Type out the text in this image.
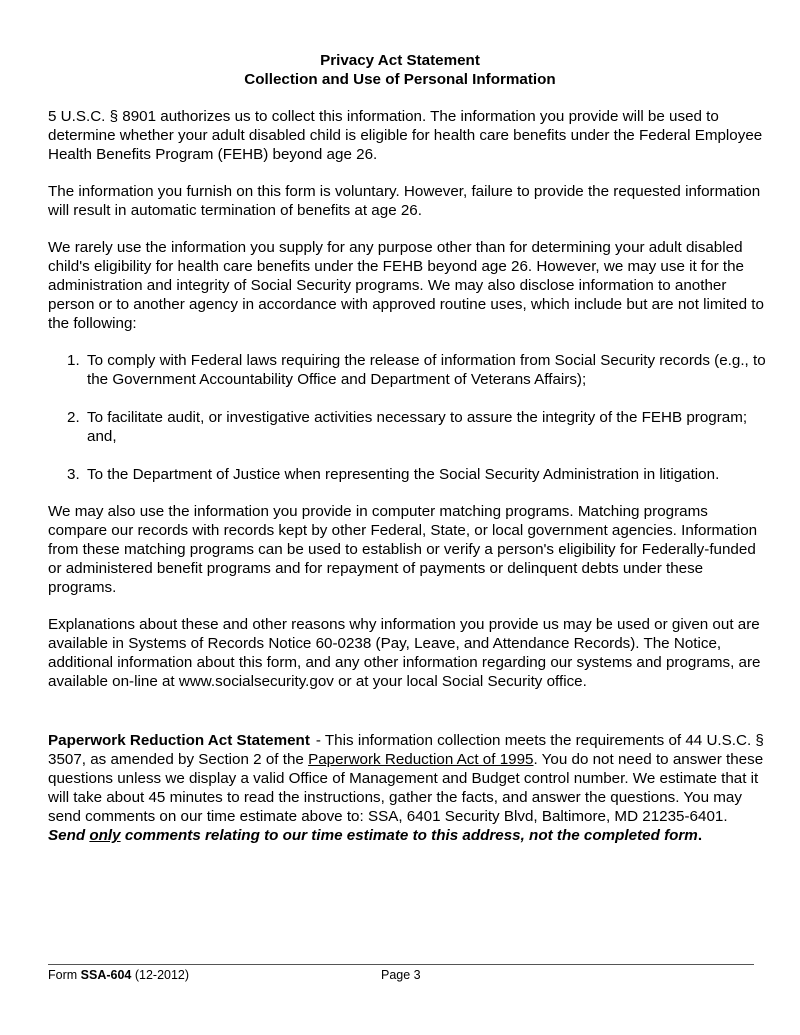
Privacy Act Statement
Collection and Use of Personal Information
5 U.S.C. § 8901 authorizes us to collect this information. The information you provide will be used to determine whether your adult disabled child is eligible for health care benefits under the Federal Employee Health Benefits Program (FEHB) beyond age 26.
The information you furnish on this form is voluntary. However, failure to provide the requested information will result in automatic termination of benefits at age 26.
We rarely use the information you supply for any purpose other than for determining your adult disabled child's eligibility for health care benefits under the FEHB beyond age 26. However, we may use it for the administration and integrity of Social Security programs. We may also disclose information to another person or to another agency in accordance with approved routine uses, which include but are not limited to the following:
1. To comply with Federal laws requiring the release of information from Social Security records (e.g., to the Government Accountability Office and Department of Veterans Affairs);
2. To facilitate audit, or investigative activities necessary to assure the integrity of the FEHB program; and,
3. To the Department of Justice when representing the Social Security Administration in litigation.
We may also use the information you provide in computer matching programs. Matching programs compare our records with records kept by other Federal, State, or local government agencies. Information from these matching programs can be used to establish or verify a person's eligibility for Federally-funded or administered benefit programs and for repayment of payments or delinquent debts under these programs.
Explanations about these and other reasons why information you provide us may be used or given out are available in Systems of Records Notice 60-0238 (Pay, Leave, and Attendance Records). The Notice, additional information about this form, and any other information regarding our systems and programs, are available on-line at www.socialsecurity.gov or at your local Social Security office.
Paperwork Reduction Act Statement - This information collection meets the requirements of 44 U.S.C. § 3507, as amended by Section 2 of the Paperwork Reduction Act of 1995. You do not need to answer these questions unless we display a valid Office of Management and Budget control number. We estimate that it will take about 45 minutes to read the instructions, gather the facts, and answer the questions. You may send comments on our time estimate above to: SSA, 6401 Security Blvd, Baltimore, MD 21235-6401. Send only comments relating to our time estimate to this address, not the completed form.
Form SSA-604 (12-2012)	Page 3
